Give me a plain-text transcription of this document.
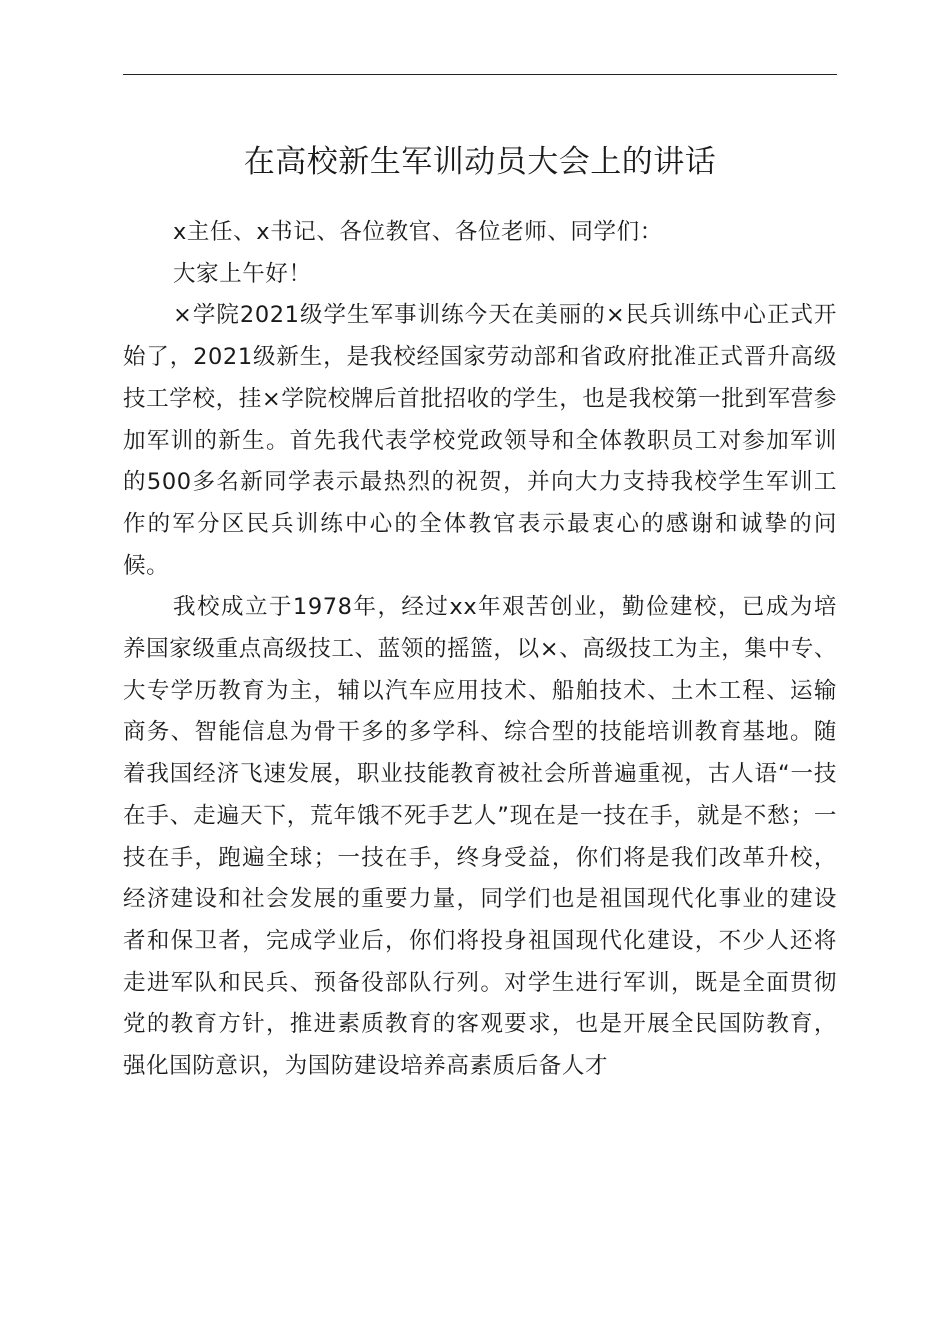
在高校新生军训动员大会上的讲话

x主任、x书记、各位教官、各位老师、同学们：

大家上午好！

×学院2021级学生军事训练今天在美丽的×民兵训练中心正式开始了，2021级新生，是我校经国家劳动部和省政府批准正式晋升高级技工学校，挂×学院校牌后首批招收的学生，也是我校第一批到军营参加军训的新生。首先我代表学校党政领导和全体教职员工对参加军训的500多名新同学表示最热烈的祝贺，并向大力支持我校学生军训工作的军分区民兵训练中心的全体教官表示最衷心的感谢和诚挚的问候。

我校成立于1978年，经过xx年艰苦创业，勤俭建校，已成为培养国家级重点高级技工、蓝领的摇篮，以×、高级技工为主，集中专、大专学历教育为主，辅以汽车应用技术、船舶技术、土木工程、运输商务、智能信息为骨干多的多学科、综合型的技能培训教育基地。随着我国经济飞速发展，职业技能教育被社会所普遍重视，古人语“一技在手、走遍天下，荒年饿不死手艺人”现在是一技在手，就是不愁；一技在手，跑遍全球；一技在手，终身受益，你们将是我们改革升校，经济建设和社会发展的重要力量，同学们也是祖国现代化事业的建设者和保卫者，完成学业后，你们将投身祖国现代化建设，不少人还将走进军队和民兵、预备役部队行列。对学生进行军训，既是全面贯彻党的教育方针，推进素质教育的客观要求，也是开展全民国防教育，强化国防意识，为国防建设培养高素质后备人才
